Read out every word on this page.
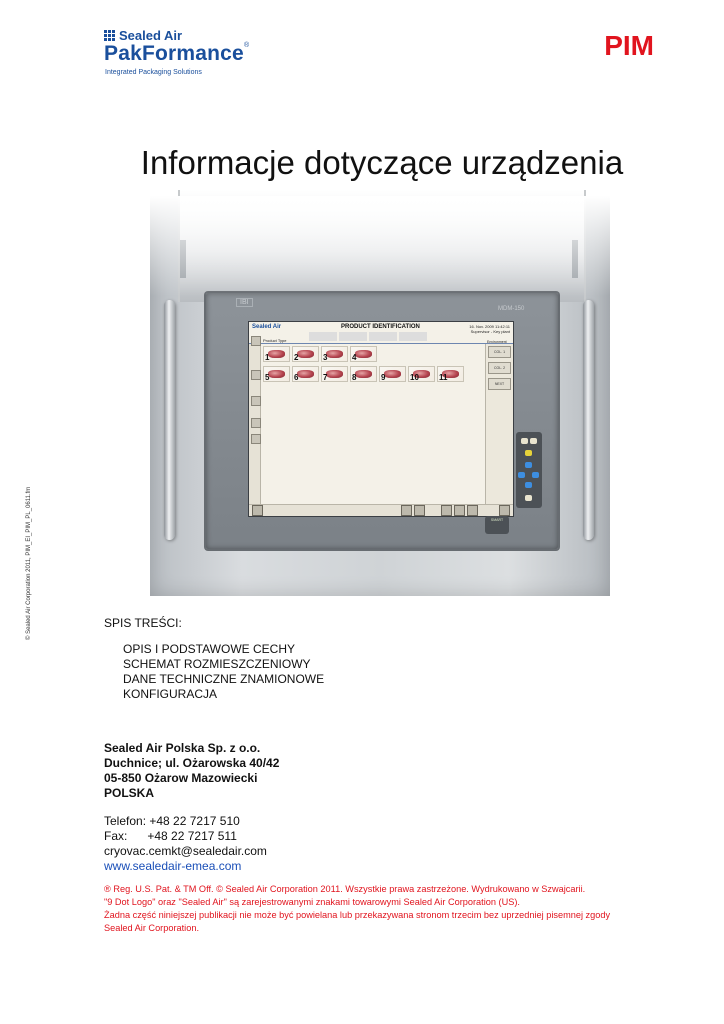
Sealed Air
PakFormance®
Integrated Packaging Solutions
PIM
Informacje dotyczące urządzenia
© Sealed Air Corporation 2011, PIM_EI_PIM_PL_0611.fm
IBI
MDM-150
Sealed Air	PRODUCT IDENTIFICATION	16. Nov. 2009 11:42:11
Supervisor - Key plant
Product Type
1	2	3	4
5	6	7	8	9	10	11
Environment
COL. 1
COL. 2
NEXT
SMART
SPIS TREŚCI:
OPIS I PODSTAWOWE CECHY
SCHEMAT ROZMIESZCZENIOWY
DANE TECHNICZNE ZNAMIONOWE
KONFIGURACJA
Sealed Air Polska Sp. z o.o.
Duchnice; ul. Ożarowska 40/42
05-850 Ożarow Mazowiecki
POLSKA
Telefon: +48 22 7217 510
Fax: +48 22 7217 511
cryovac.cemkt@sealedair.com
www.sealedair-emea.com
® Reg. U.S. Pat. & TM Off. © Sealed Air Corporation 2011. Wszystkie prawa zastrzeżone. Wydrukowano w Szwajcarii.
"9 Dot Logo" oraz "Sealed Air" są zarejestrowanymi znakami towarowymi Sealed Air Corporation (US).
Żadna część niniejszej publikacji nie może być powielana lub przekazywana stronom trzecim bez uprzedniej pisemnej zgody
Sealed Air Corporation.
